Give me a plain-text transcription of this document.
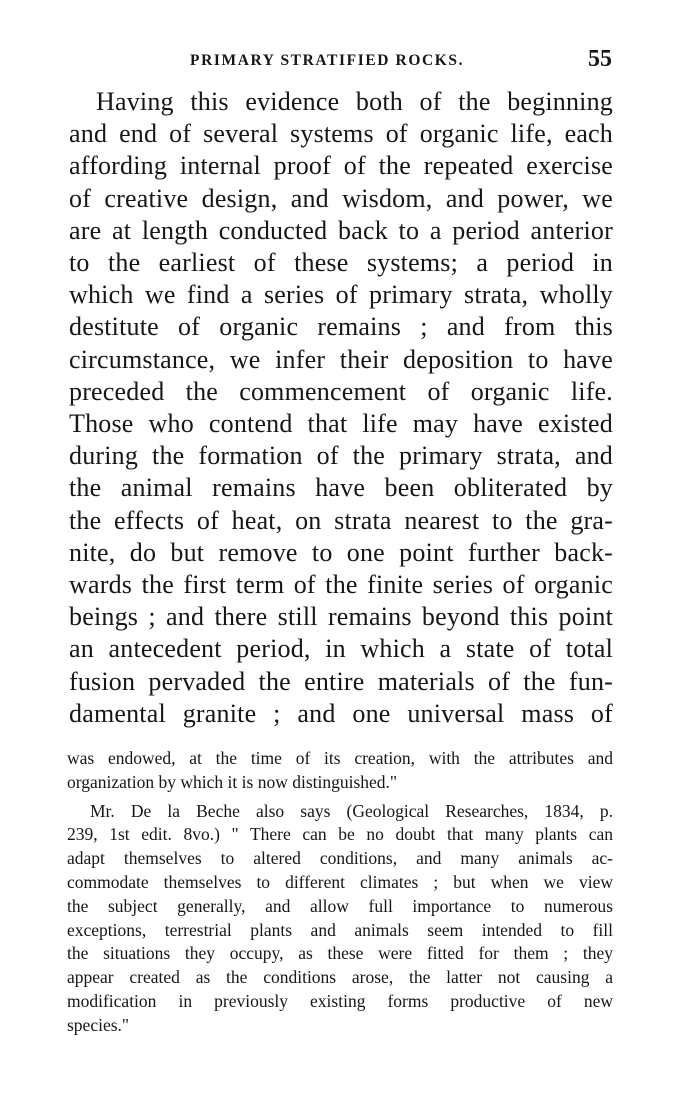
PRIMARY STRATIFIED ROCKS.	55

Having this evidence both of the beginning
and end of several systems of organic life, each
affording internal proof of the repeated exercise
of creative design, and wisdom, and power, we
are at length conducted back to a period anterior
to the earliest of these systems; a period in
which we find a series of primary strata, wholly
destitute of organic remains ; and from this
circumstance, we infer their deposition to have
preceded the commencement of organic life.
Those who contend that life may have existed
during the formation of the primary strata, and
the animal remains have been obliterated by
the effects of heat, on strata nearest to the gra-
nite, do but remove to one point further back-
wards the first term of the finite series of organic
beings ; and there still remains beyond this point
an antecedent period, in which a state of total
fusion pervaded the entire materials of the fun-
damental granite ; and one universal mass of

was endowed, at the time of its creation, with the attributes and
organization by which it is now distinguished."
Mr. De la Beche also says (Geological Researches, 1834, p.
239, 1st edit. 8vo.) " There can be no doubt that many plants can
adapt themselves to altered conditions, and many animals ac-
commodate themselves to different climates ; but when we view
the subject generally, and allow full importance to numerous
exceptions, terrestrial plants and animals seem intended to fill
the situations they occupy, as these were fitted for them ; they
appear created as the conditions arose, the latter not causing a
modification in previously existing forms productive of new
species."
